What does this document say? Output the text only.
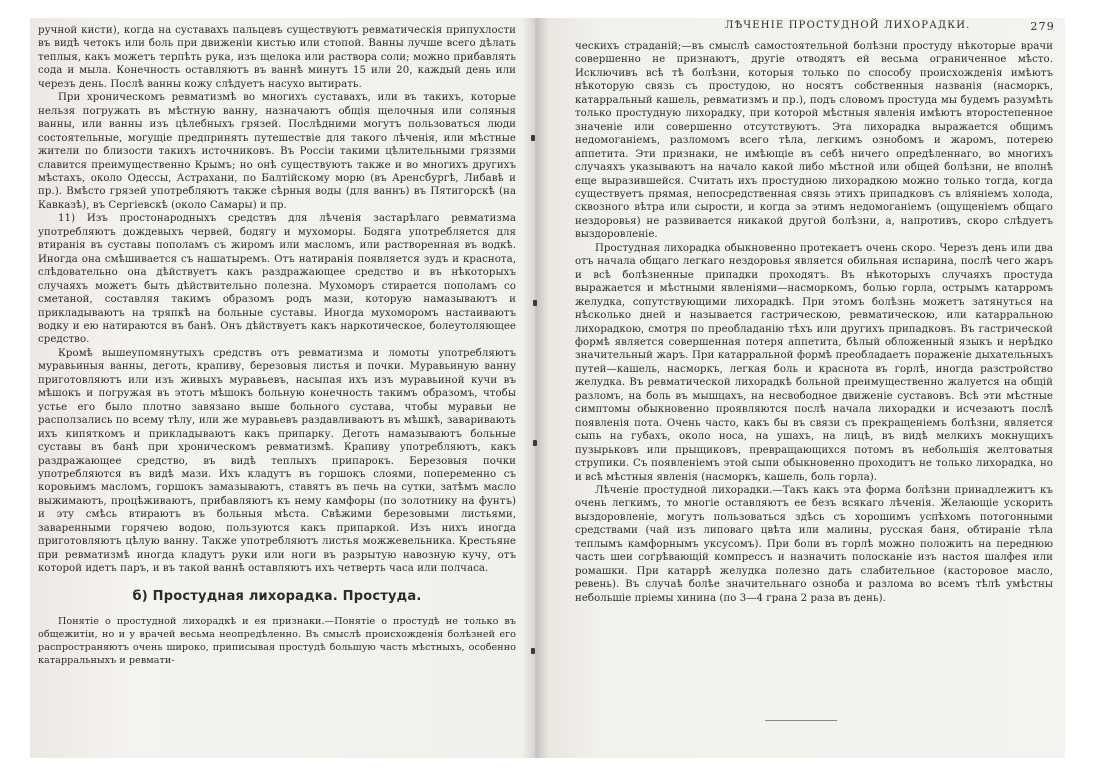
ручной кисти), когда на суставахъ пальцевъ существуютъ ревматическія припухлости въ видѣ четокъ или боль при движеніи кистью или стопой. Ванны лучше всего дѣлать теплыя, какъ можетъ терпѣть рука, изъ щелока или раствора соли; можно прибавлять сода и мыла. Конечность оставляютъ въ ваннѣ минутъ 15 или 20, каждый день или черезъ день. Послѣ ванны кожу слѣдуетъ насухо вытирать.

При хроническомъ ревматизмѣ во многихъ суставахъ, или въ такихъ, которые нельзя погружать въ мѣстную ванну, назначаютъ общія щелочныя или соляныя ванны, или ванны изъ цѣлебныхъ грязей. Послѣдними могутъ пользоваться люди состоятельные, могущіе предпринять путешествіе для такого лѣченія, или мѣстные жители по близости такихъ источниковъ. Въ Россіи такими цѣлительными грязями славится преимущественно Крымъ; но онѣ существуютъ также и во многихъ другихъ мѣстахъ, около Одессы, Астрахани, по Балтійскому морю (въ Аренсбургѣ, Либавѣ и пр.). Вмѣсто грязей употребляютъ также сѣрныя воды (для ваннъ) въ Пятигорскѣ (на Кавказѣ), въ Сергіевскѣ (около Самары) и пр.

11) Изъ простонародныхъ средствъ для лѣченія застарѣлаго ревматизма употребляютъ дождевыхъ червей, бодягу и мухоморы. Бодяга употребляется для втиранія въ суставы пополамъ съ жиромъ или масломъ, или растворенная въ водкѣ. Иногда она смѣшивается съ нашатыремъ. Отъ натиранія появляется зудъ и краснота, слѣдовательно она дѣйствуетъ какъ раздражающее средство и въ нѣкоторыхъ случаяхъ можетъ быть дѣйствительно полезна. Мухоморъ стирается пополамъ со сметаной, составляя такимъ образомъ родъ мази, которую намазываютъ и прикладываютъ на тряпкѣ на больные суставы. Иногда мухоморомъ настаиваютъ водку и ею натираются въ банѣ. Онъ дѣйствуетъ какъ наркотическое, болеутоляющее средство.

Кромѣ вышеупомянутыхъ средствъ отъ ревматизма и ломоты употребляютъ муравьиныя ванны, деготь, крапиву, березовыя листья и почки. Муравьиную ванну приготовляютъ или изъ живыхъ муравьевъ, насыпая ихъ изъ муравьиной кучи въ мѣшокъ и погружая въ этотъ мѣшокъ больную конечность такимъ образомъ, чтобы устье его было плотно завязано выше больного сустава, чтобы муравьи не расползались по всему тѣлу, или же муравьевъ раздавливаютъ въ мѣшкѣ, заваривають ихъ кипяткомъ и прикладываютъ какъ припарку. Деготь намазываютъ больные суставы въ банѣ при хроническомъ ревматизмѣ. Крапиву употребляютъ, какъ раздражающее средство, въ видѣ теплыхъ припарокъ. Березовыя почки употребляются въ видѣ мази. Ихъ кладутъ въ горшокъ слоями, попеременно съ коровьимъ масломъ, горшокъ замазываютъ, ставятъ въ печь на сутки, затѣмъ масло выжимаютъ, процѣживаютъ, прибавляютъ къ нему камфоры (по золотнику на фунтъ) и эту смѣсь втираютъ въ больныя мѣста. Свѣжими березовыми листьями, заваренными горячею водою, пользуются какъ припаркой. Изъ нихъ иногда приготовляютъ цѣлую ванну. Также употребляютъ листья можжевельника. Крестьяне при ревматизмѣ иногда кладутъ руки или ноги въ разрытую навозную кучу, отъ которой идетъ паръ, и въ такой ваннѣ оставляютъ ихъ четверть часа или полчаса.

б) Простудная лихорадка. Простуда.

Понятіе о простудной лихорадкѣ и ея признаки.—Понятіе о простудѣ не только въ общежитіи, но и у врачей весьма неопредѣленно. Въ смыслѣ происхожденія болѣзней его распространяютъ очень широко, приписывая простудѣ большую часть мѣстныхъ, особенно катарральныхъ и ревмати-

ЛѢЧЕНІЕ ПРОСТУДНОЙ ЛИХОРАДКИ.	279

ческихъ страданій;—въ смыслѣ самостоятельной болѣзни простуду нѣкоторые врачи совершенно не признаютъ, другіе отводятъ ей весьма ограниченное мѣсто. Исключивъ всѣ тѣ болѣзни, которыя только по способу происхожденія имѣютъ нѣкоторую связь съ простудою, но носятъ собственныя названія (насморкъ, катарральный кашель, ревматизмъ и пр.), подъ словомъ простуда мы будемъ разумѣть только простудную лихорадку, при которой мѣстныя явленія имѣютъ второстепенное значеніе или совершенно отсутствуютъ. Эта лихорадка выражается общимъ недомоганіемъ, разломомъ всего тѣла, легкимъ ознобомъ и жаромъ, потерею аппетита. Эти признаки, не имѣющіе въ себѣ ничего опредѣленнаго, во многихъ случаяхъ указываютъ на начало какой либо мѣстной или общей болѣзни, не вполнѣ еще выразившейся. Считать ихъ простудною лихорадкою можно только тогда, когда существуетъ прямая, непосредственная связь этихъ припадковъ съ вліяніемъ холода, сквозного вѣтра или сырости, и когда за этимъ недомоганіемъ (ощущеніемъ общаго нездоровья) не развивается никакой другой болѣзни, а, напротивъ, скоро слѣдуетъ выздоровленіе.

Простудная лихорадка обыкновенно протекаетъ очень скоро. Черезъ день или два отъ начала общаго легкаго нездоровья является обильная испарина, послѣ чего жаръ и всѣ болѣзненные припадки проходятъ. Въ нѣкоторыхъ случаяхъ простуда выражается и мѣстными явленіями—насморкомъ, болью горла, острымъ катарромъ желудка, сопутствующими лихорадкѣ. При этомъ болѣзнь можетъ затянуться на нѣсколько дней и называется гастрическою, ревматическою, или катарральною лихорадкою, смотря по преобладанію тѣхъ или другихъ припадковъ. Въ гастрической формѣ является совершенная потеря аппетита, бѣлый обложенный языкъ и нерѣдко значительный жаръ. При катарральной формѣ преобладаетъ пораженіе дыхательныхъ путей—кашель, насморкъ, легкая боль и краснота въ горлѣ, иногда разстройство желудка. Въ ревматической лихорадкѣ больной преимущественно жалуется на общій разломъ, на боль въ мышцахъ, на несвободное движеніе суставовъ. Всѣ эти мѣстные симптомы обыкновенно проявляются послѣ начала лихорадки и исчезаютъ послѣ появленія пота. Очень часто, какъ бы въ связи съ прекращеніемъ болѣзни, является сыпь на губахъ, около носа, на ушахъ, на лицѣ, въ видѣ мелкихъ мокнущихъ пузырьковъ или прыщиковъ, превращающихся потомъ въ небольшія желтоватыя струпики. Съ появленіемъ этой сыпи обыкновенно проходитъ не только лихорадка, но и всѣ мѣстныя явленія (насморкъ, кашель, боль горла).

Лѣченіе простудной лихорадки.—Такъ какъ эта форма болѣзни принадлежитъ къ очень легкимъ, то многіе оставляютъ ее безъ всякаго лѣченія. Желающіе ускорить выздоровленіе, могутъ пользоваться здѣсь съ хорошимъ успѣхомъ потогонными средствами (чай изъ липоваго цвѣта или малины, русская баня, обтираніе тѣла теплымъ камфорнымъ уксусомъ). При боли въ горлѣ можно положить на переднюю часть шеи согрѣвающій компрессъ и назначить полосканіе изъ настоя шалфея или ромашки. При катаррѣ желудка полезно дать слабительное (касторовое масло, ревень). Въ случаѣ болѣе значительнаго озноба и разлома во всемъ тѣлѣ умѣстны небольшіе пріемы хинина (по 3—4 грана 2 раза въ день).
